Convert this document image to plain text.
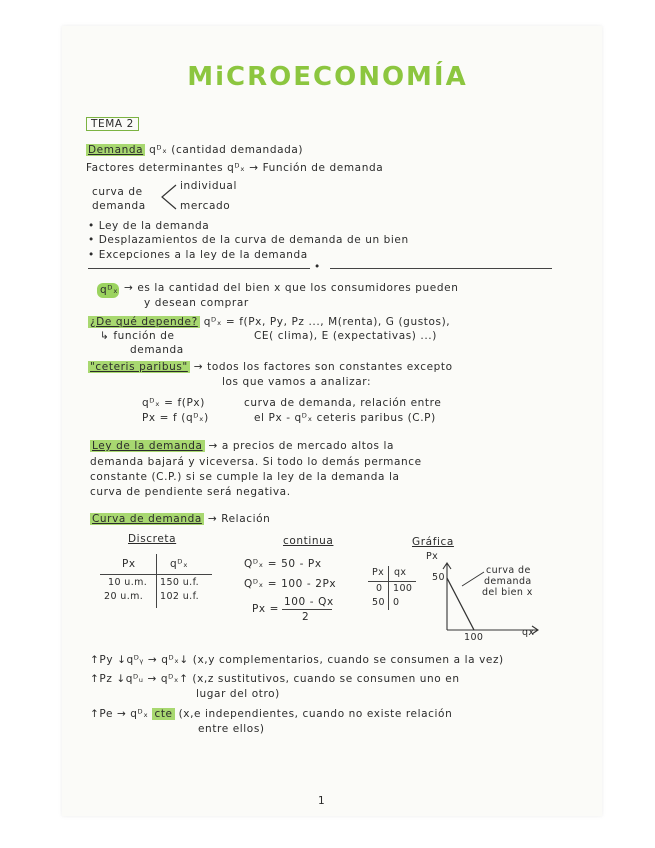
MiCROECONOMÍA
TEMA 2
Demanda qᴰₓ (cantidad demandada)
Factores determinantes qᴰₓ → Función de demanda
curva de
demanda
individual
mercado
• Ley de la demanda
• Desplazamientos de la curva de demanda de un bien
• Excepciones a la ley de la demanda
•
qᴰₓ → es la cantidad del bien x que los consumidores pueden
y desean comprar
¿De qué depende? qᴰₓ = f(Px, Py, Pz ..., M(renta), G (gustos),
CE( clima), E (expectativas) ...)
↳ función de
demanda
"ceteris paribus" → todos los factores son constantes excepto
los que vamos a analizar:
qᴰₓ = f(Px)
Px = f (qᴰₓ)
curva de demanda, relación entre
el Px - qᴰₓ ceteris paribus (C.P)
Ley de la demanda → a precios de mercado altos la
demanda bajará y viceversa. Si todo lo demás permance
constante (C.P.) si se cumple la ley de la demanda la
curva de pendiente será negativa.
Curva de demanda → Relación
Discreta	continua	Gráfica
Px	qᴰₓ
10 u.m. 150 u.f.
20 u.m. 102 u.f.
Qᴰₓ = 50 - Px
Qᴰₓ = 100 - 2Px
Px =
100 - Qx
2
Px qx
0 100
50 0
Px
50
100	qx
curva de
demanda
del bien x
↑Py ↓qᴰᵧ → qᴰₓ↓ (x,y complementarios, cuando se consumen a la vez)
↑Pz ↓qᴰᵤ → qᴰₓ↑ (x,z sustitutivos, cuando se consumen uno en
lugar del otro)
↑Pe → qᴰₓ cte (x,e independientes, cuando no existe relación
entre ellos)
1
